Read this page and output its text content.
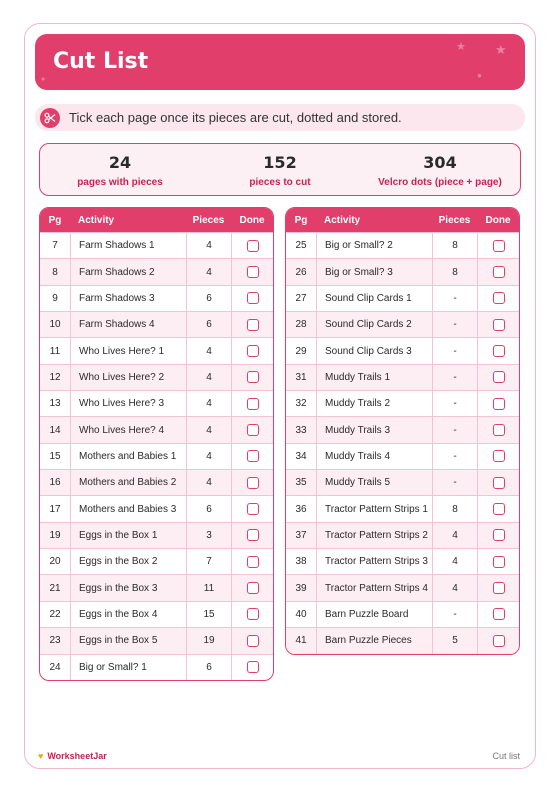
★ ★
●	●
Cut List
Tick each page once its pieces are cut, dotted and stored.
24
pages with pieces
152
pieces to cut
304
Velcro dots (piece + page)
Pg	Activity	Pieces	Done
7	Farm Shadows 1	4
8	Farm Shadows 2	4
9	Farm Shadows 3	6
10	Farm Shadows 4	6
11	Who Lives Here? 1	4
12	Who Lives Here? 2	4
13	Who Lives Here? 3	4
14	Who Lives Here? 4	4
15	Mothers and Babies 1	4
16	Mothers and Babies 2	4
17	Mothers and Babies 3	6
19	Eggs in the Box 1	3
20	Eggs in the Box 2	7
21	Eggs in the Box 3	11
22	Eggs in the Box 4	15
23	Eggs in the Box 5	19
24	Big or Small? 1	6
Pg	Activity	Pieces	Done
25	Big or Small? 2	8
26	Big or Small? 3	8
27	Sound Clip Cards 1	-
28	Sound Clip Cards 2	-
29	Sound Clip Cards 3	-
31	Muddy Trails 1	-
32	Muddy Trails 2	-
33	Muddy Trails 3	-
34	Muddy Trails 4	-
35	Muddy Trails 5	-
36	Tractor Pattern Strips 1	8
37	Tractor Pattern Strips 2	4
38	Tractor Pattern Strips 3	4
39	Tractor Pattern Strips 4	4
40	Barn Puzzle Board	-
41	Barn Puzzle Pieces	5
♥ WorksheetJar	Cut list
